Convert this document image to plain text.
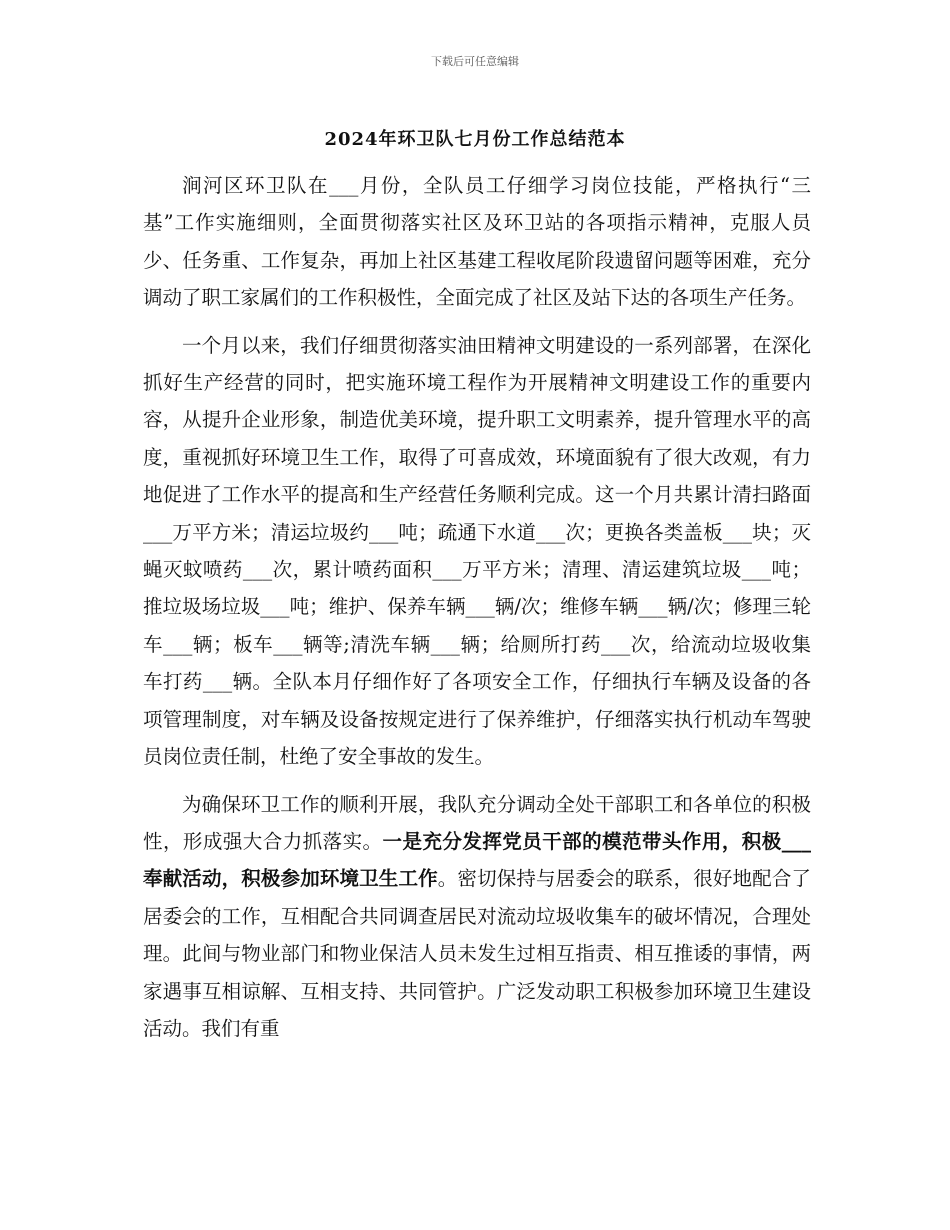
下载后可任意编辑
2024年环卫队七月份工作总结范本

涧河区环卫队在___月份，全队员工仔细学习岗位技能，严格执行“三基”工作实施细则，全面贯彻落实社区及环卫站的各项指示精神，克服人员少、任务重、工作复杂，再加上社区基建工程收尾阶段遗留问题等困难，充分调动了职工家属们的工作积极性，全面完成了社区及站下达的各项生产任务。

一个月以来，我们仔细贯彻落实油田精神文明建设的一系列部署，在深化抓好生产经营的同时，把实施环境工程作为开展精神文明建设工作的重要内容，从提升企业形象，制造优美环境，提升职工文明素养，提升管理水平的高度，重视抓好环境卫生工作，取得了可喜成效，环境面貌有了很大改观，有力地促进了工作水平的提高和生产经营任务顺利完成。这一个月共累计清扫路面___万平方米；清运垃圾约___吨；疏通下水道___次；更换各类盖板___块；灭蝇灭蚊喷药___次，累计喷药面积___万平方米；清理、清运建筑垃圾___吨；推垃圾场垃圾___吨；维护、保养车辆___辆/次；维修车辆___辆/次；修理三轮车___辆；板车___辆等;清洗车辆___辆；给厕所打药___次，给流动垃圾收集车打药___辆。全队本月仔细作好了各项安全工作，仔细执行车辆及设备的各项管理制度，对车辆及设备按规定进行了保养维护，仔细落实执行机动车驾驶员岗位责任制，杜绝了安全事故的发生。

为确保环卫工作的顺利开展，我队充分调动全处干部职工和各单位的积极性，形成强大合力抓落实。一是充分发挥党员干部的模范带头作用，积极___奉献活动，积极参加环境卫生工作。密切保持与居委会的联系，很好地配合了居委会的工作，互相配合共同调查居民对流动垃圾收集车的破坏情况，合理处理。此间与物业部门和物业保洁人员未发生过相互指责、相互推诿的事情，两家遇事互相谅解、互相支持、共同管护。广泛发动职工积极参加环境卫生建设活动。我们有重
